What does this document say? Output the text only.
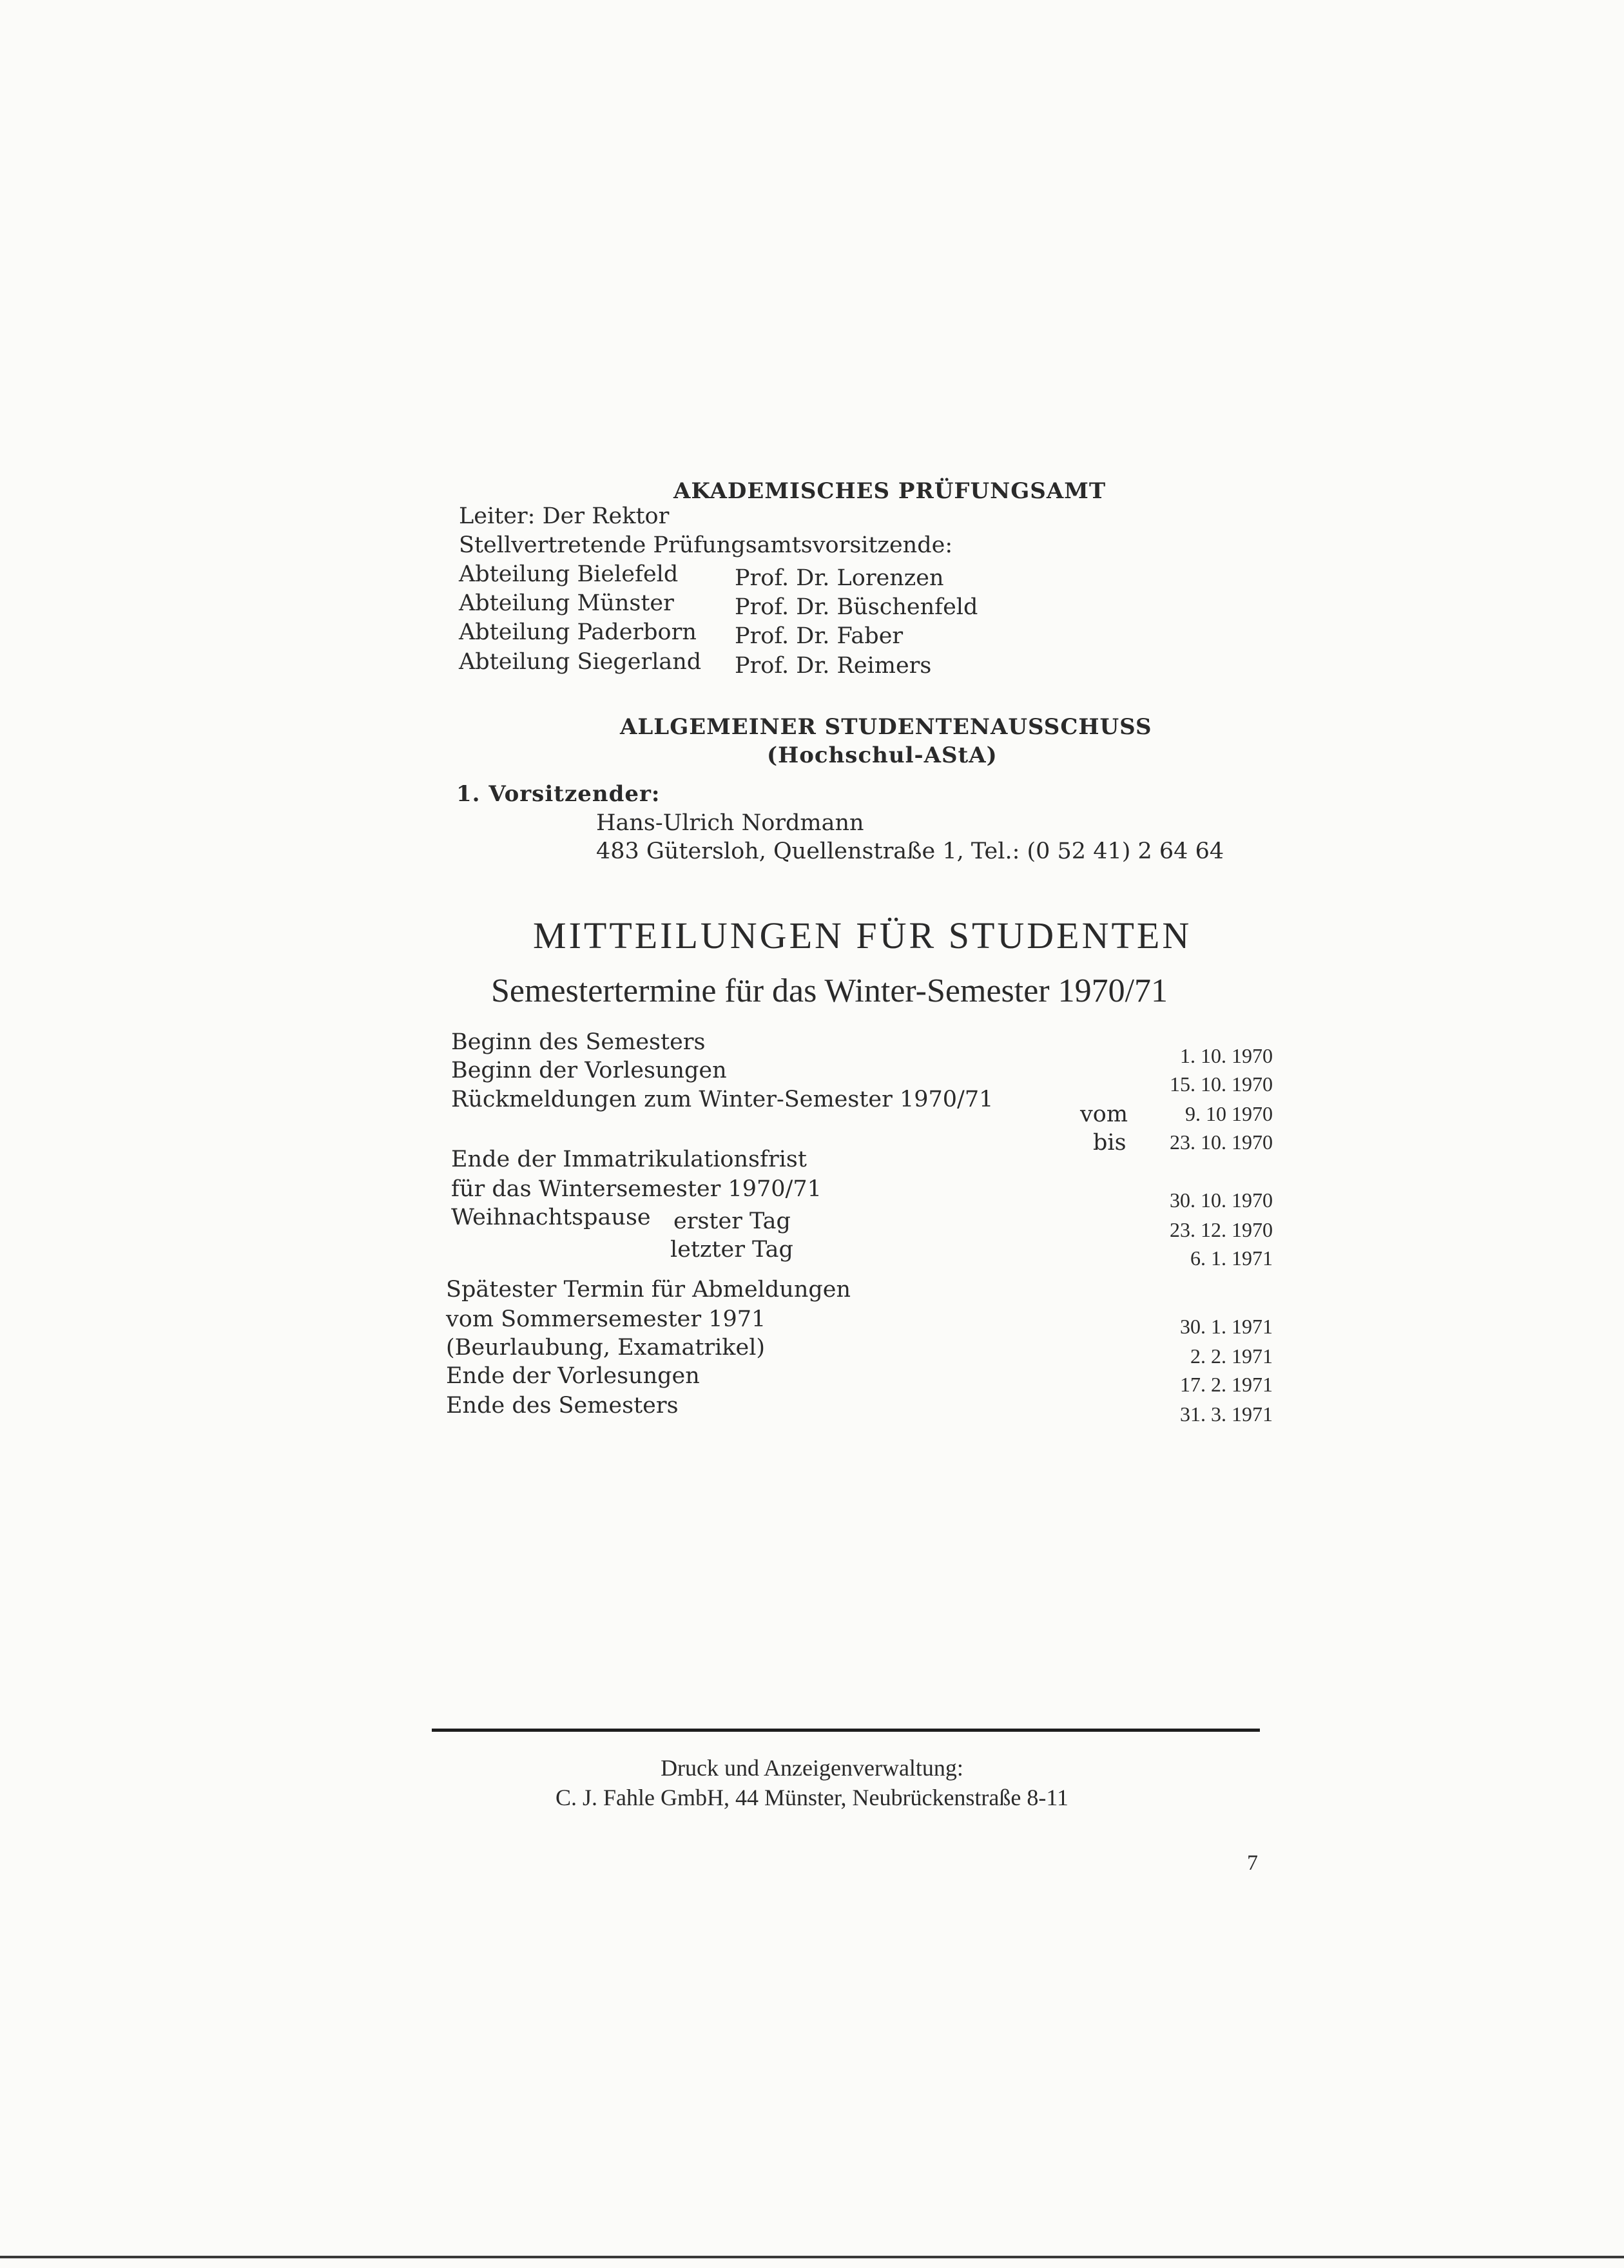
AKADEMISCHES PRÜFUNGSAMT
Leiter: Der Rektor
Stellvertretende Prüfungsamtsvorsitzende:
Abteilung Bielefeld	Prof. Dr. Lorenzen
Abteilung Münster	Prof. Dr. Büschenfeld
Abteilung Paderborn Prof. Dr. Faber
Abteilung Siegerland Prof. Dr. Reimers
ALLGEMEINER STUDENTENAUSSCHUSS
(Hochschul-AStA)
1. Vorsitzender:
Hans-Ulrich Nordmann
483 Gütersloh, Quellenstraße 1, Tel.: (0 52 41) 2 64 64
MITTEILUNGEN FÜR STUDENTEN
Semestertermine für das Winter-Semester 1970/71
Beginn des Semesters
Beginn der Vorlesungen
Rückmeldungen zum Winter-Semester 1970/71
Ende der Immatrikulationsfrist
für das Wintersemester 1970/71
Weihnachtspause erster Tag
letzter Tag
Spätester Termin für Abmeldungen
vom Sommersemester 1971
(Beurlaubung, Examatrikel)
Ende der Vorlesungen
Ende des Semesters
vom
bis
1. 10. 1970
15. 10. 1970
9. 10 1970
23. 10. 1970
30. 10. 1970
23. 12. 1970
6. 1. 1971
30. 1. 1971
2. 2. 1971
17. 2. 1971
31. 3. 1971
Druck und Anzeigenverwaltung:
C. J. Fahle GmbH, 44 Münster, Neubrückenstraße 8-11
7
